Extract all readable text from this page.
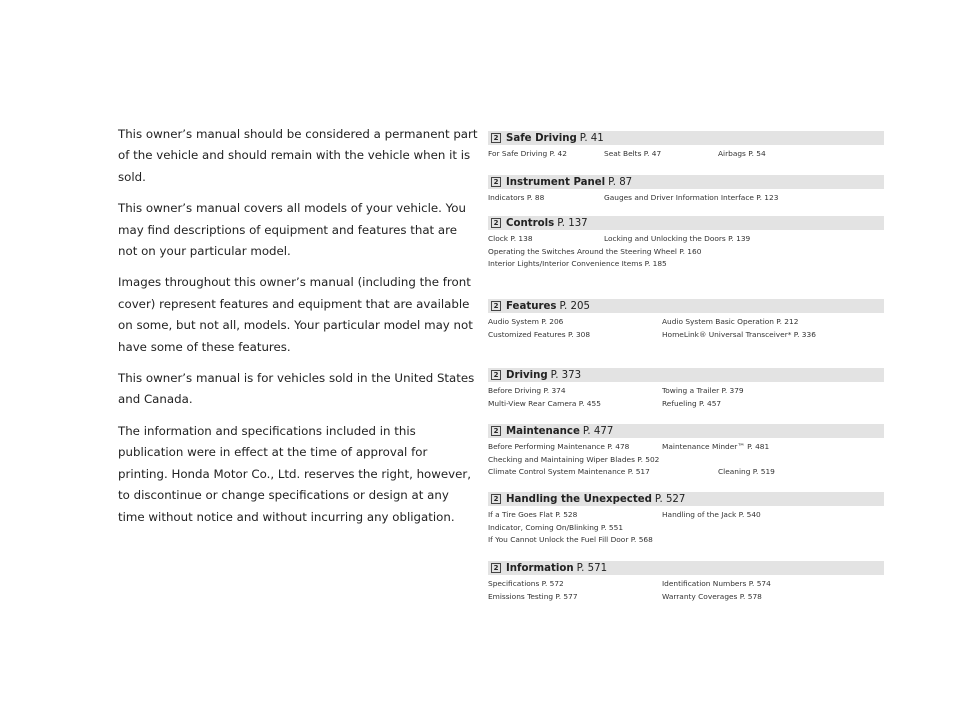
This owner’s manual should be considered a permanent part of the vehicle and should remain with the vehicle when it is sold.

This owner’s manual covers all models of your vehicle. You may find descriptions of equipment and features that are not on your particular model.

Images throughout this owner’s manual (including the front cover) represent features and equipment that are available on some, but not all, models. Your particular model may not have some of these features.

This owner’s manual is for vehicles sold in the United States and Canada.

The information and specifications included in this publication were in effect at the time of approval for printing. Honda Motor Co., Ltd. reserves the right, however, to discontinue or change specifications or design at any time without notice and without incurring any obligation.

2 Safe Driving P. 41
For Safe Driving P. 42	Seat Belts P. 47	Airbags P. 54
2 Instrument Panel P. 87
Indicators P. 88	Gauges and Driver Information Interface P. 123
2 Controls P. 137
Clock P. 138	Locking and Unlocking the Doors P. 139
Operating the Switches Around the Steering Wheel P. 160
Interior Lights/Interior Convenience Items P. 185
2 Features P. 205
Audio System P. 206	Audio System Basic Operation P. 212
Customized Features P. 308	HomeLink® Universal Transceiver* P. 336
2 Driving P. 373
Before Driving P. 374	Towing a Trailer P. 379
Multi-View Rear Camera P. 455	Refueling P. 457
2 Maintenance P. 477
Before Performing Maintenance P. 478	Maintenance Minder™ P. 481
Checking and Maintaining Wiper Blades P. 502
Climate Control System Maintenance P. 517	Cleaning P. 519
2 Handling the Unexpected P. 527
If a Tire Goes Flat P. 528	Handling of the Jack P. 540
Indicator, Coming On/Blinking P. 551
If You Cannot Unlock the Fuel Fill Door P. 568
2 Information P. 571
Specifications P. 572	Identification Numbers P. 574
Emissions Testing P. 577	Warranty Coverages P. 578
